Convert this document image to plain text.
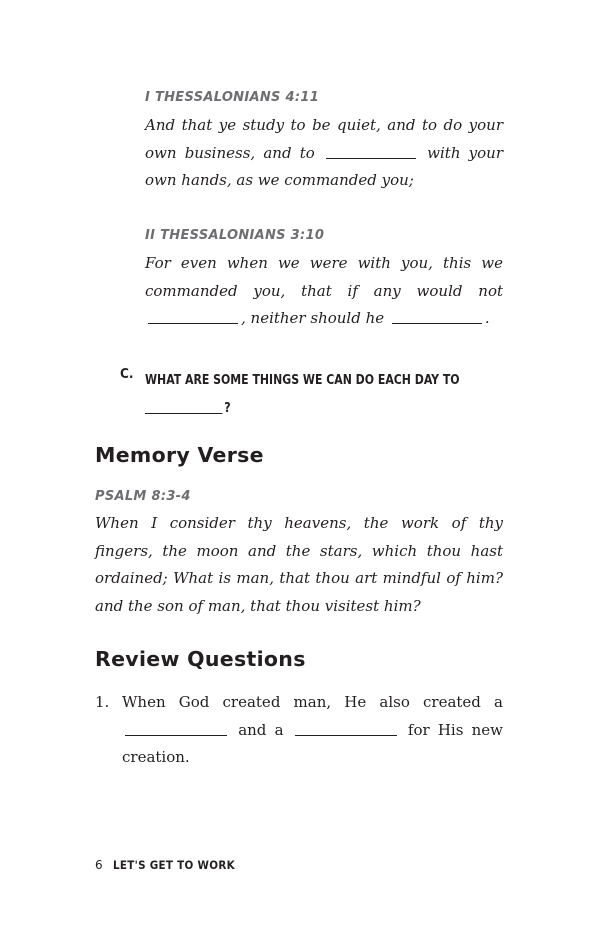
I THESSALONIANS 4:11

And that ye study to be quiet, and to do your own business, and to	with your own hands, as we commanded you;

II THESSALONIANS 3:10

For even when we were with you, this we commanded you, that if any would not , neither should he	.

C. WHAT ARE SOME THINGS WE CAN DO EACH DAY TO
?
Memory Verse
PSALM 8:3-4

When I consider thy heavens, the work of thy fingers, the moon and the stars, which thou hast ordained; What is man, that thou art mindful of him? and the son of man, that thou visitest him?

Review Questions
1. When God created man, He also created a  and a	for His new creation.

6 LET'S GET TO WORK
